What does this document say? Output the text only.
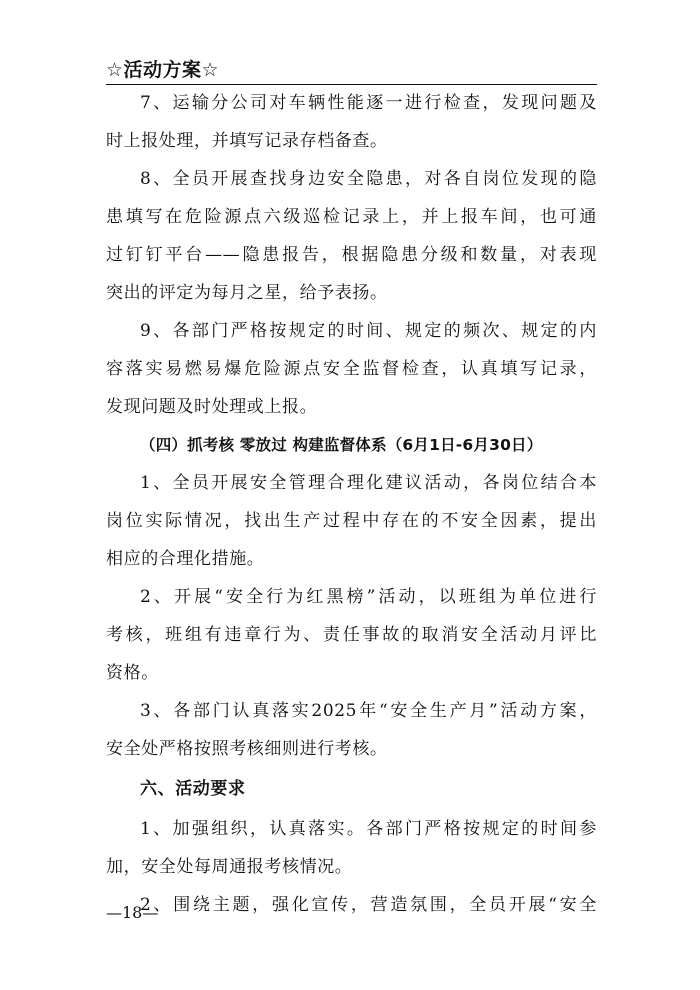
☆活动方案☆

7、运输分公司对车辆性能逐一进行检查，发现问题及
时上报处理，并填写记录存档备查。

8、全员开展查找身边安全隐患，对各自岗位发现的隐
患填写在危险源点六级巡检记录上，并上报车间，也可通
过钉钉平台——隐患报告，根据隐患分级和数量，对表现
突出的评定为每月之星，给予表扬。

9、各部门严格按规定的时间、规定的频次、规定的内
容落实易燃易爆危险源点安全监督检查，认真填写记录，
发现问题及时处理或上报。

（四）抓考核 零放过 构建监督体系（6月1日-6月30日）

1、全员开展安全管理合理化建议活动，各岗位结合本
岗位实际情况，找出生产过程中存在的不安全因素，提出
相应的合理化措施。

2、开展“安全行为红黑榜”活动，以班组为单位进行
考核，班组有违章行为、责任事故的取消安全活动月评比
资格。

3、各部门认真落实2025年“安全生产月”活动方案，
安全处严格按照考核细则进行考核。

六、活动要求

1、加强组织，认真落实。各部门严格按规定的时间参
加，安全处每周通报考核情况。

2、围绕主题，强化宣传，营造氛围，全员开展“安全

—18—
